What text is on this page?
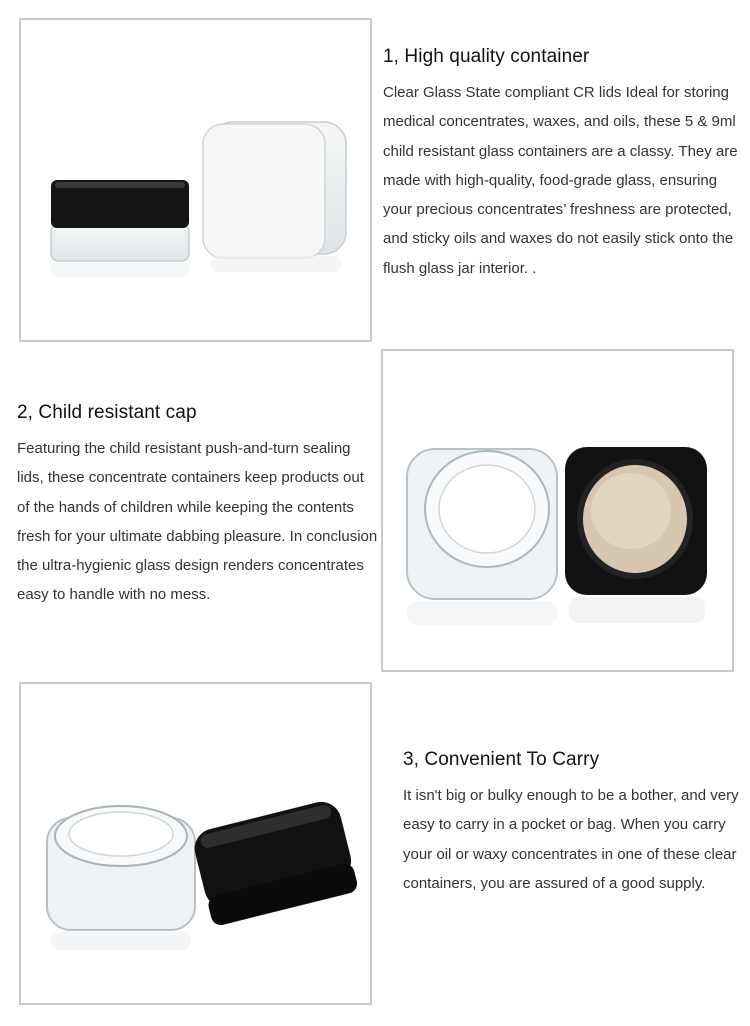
1, High quality container

Clear Glass State compliant CR lids Ideal for storing medical concentrates, waxes, and oils, these 5 & 9ml child resistant glass containers are a classy. They are made with high-quality, food-grade glass, ensuring your precious concentrates’ freshness are protected, and sticky oils and waxes do not easily stick onto the flush glass jar interior. .

2, Child resistant cap

Featuring the child resistant push-and-turn sealing lids, these concentrate containers keep products out of the hands of children while keeping the contents fresh for your ultimate dabbing pleasure. In conclusion the ultra-hygienic glass design renders concentrates easy to handle with no mess.

3, Convenient To Carry

It isn't big or bulky enough to be a bother, and very easy to carry in a pocket or bag. When you carry your oil or waxy concentrates in one of these clear containers, you are assured of a good supply.
